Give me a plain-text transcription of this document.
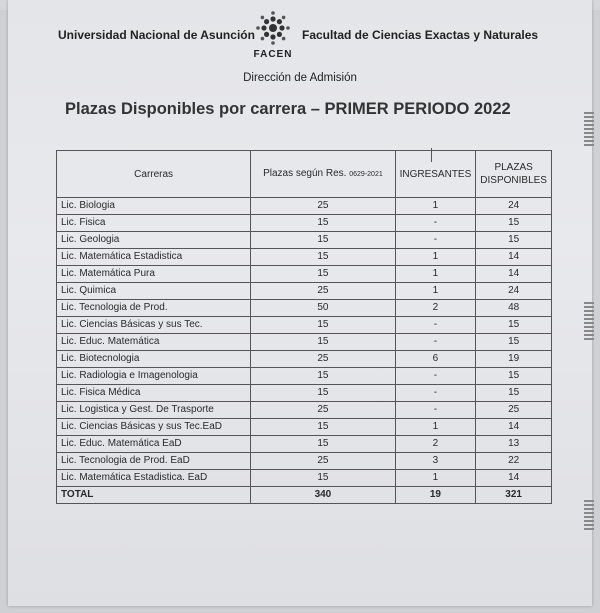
Universidad Nacional de Asunción
FACEN
Facultad de Ciencias Exactas y Naturales
Dirección de Admisión
Plazas Disponibles por carrera – PRIMER PERIODO 2022
Carreras	Plazas según Res. 0629-2021	INGRESANTES	PLAZAS
DISPONIBLES
Lic. Biologia	25	1	24
Lic. Fisica	15	-	15
Lic. Geologia	15	-	15
Lic. Matemática Estadistica	15	1	14
Lic. Matemática Pura	15	1	14
Lic. Quimica	25	1	24
Lic. Tecnologia de Prod.	50	2	48
Lic. Ciencias Básicas y sus Tec.	15	-	15
Lic. Educ. Matemática	15	-	15
Lic. Biotecnologia	25	6	19
Lic. Radiologia e Imagenologia	15	-	15
Lic. Fisica Médica	15	-	15
Lic. Logistica y Gest. De Trasporte	25	-	25
Lic. Ciencias Básicas y sus Tec.EaD	15	1	14
Lic. Educ. Matemática EaD	15	2	13
Lic. Tecnologia de Prod. EaD	25	3	22
Lic. Matemática Estadistica. EaD	15	1	14
TOTAL	340	19	321
